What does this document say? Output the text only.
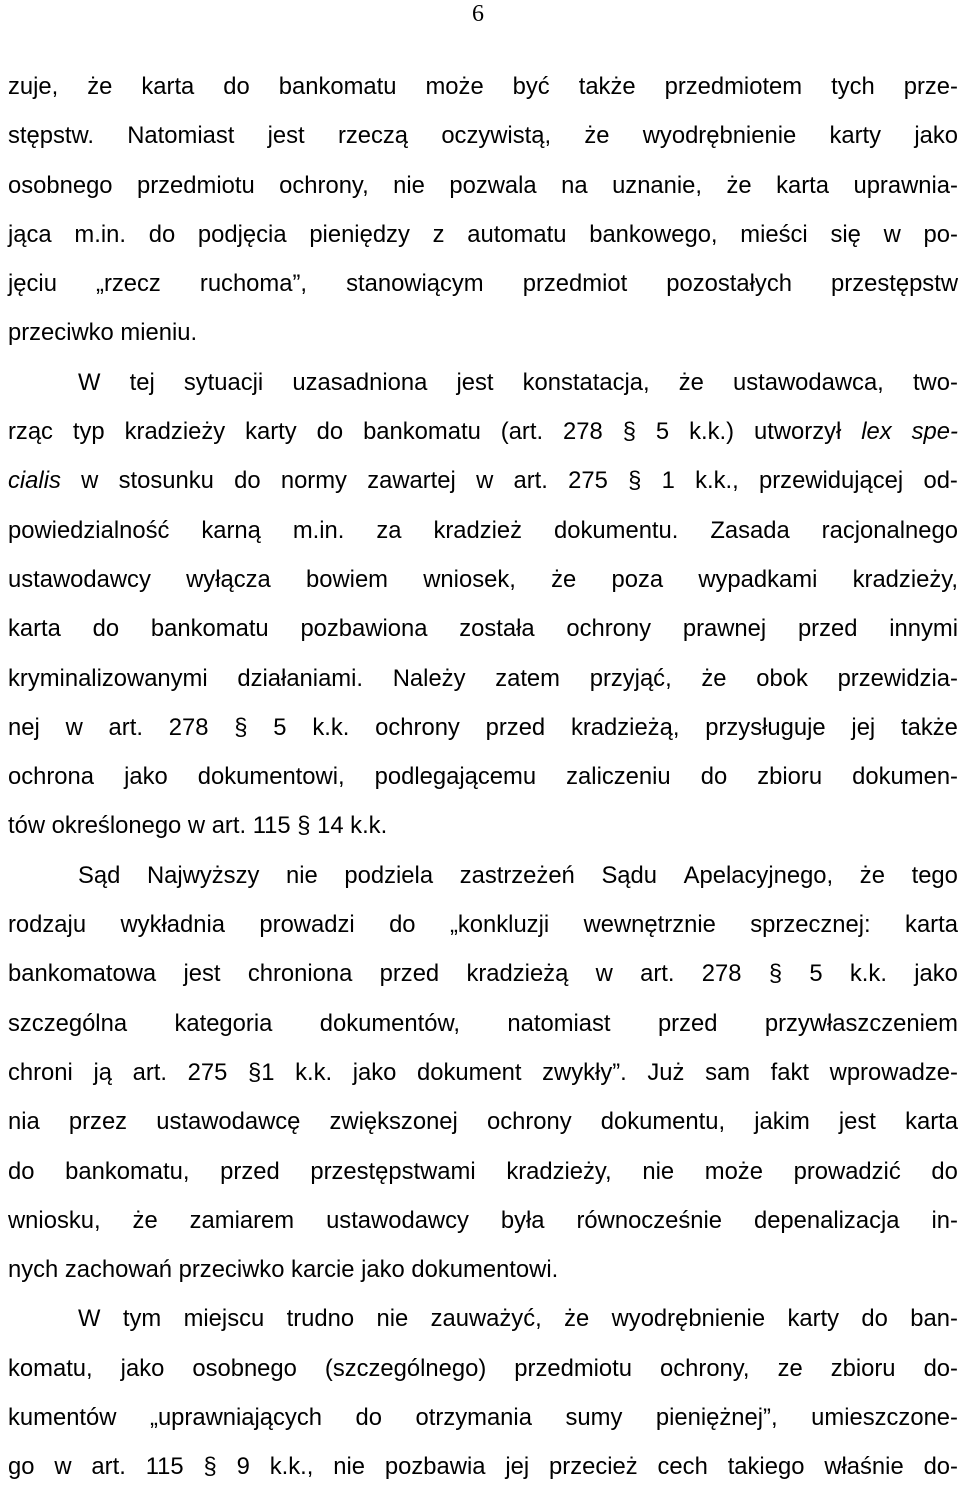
6
zuje, że karta do bankomatu może być także przedmiotem tych prze-
stępstw. Natomiast jest rzeczą oczywistą, że wyodrębnienie karty jako
osobnego przedmiotu ochrony, nie pozwala na uznanie, że karta uprawnia-
jąca m.in. do podjęcia pieniędzy z automatu bankowego, mieści się w po-
jęciu „rzecz ruchoma”, stanowiącym przedmiot pozostałych przestępstw
przeciwko mieniu.
W tej sytuacji uzasadniona jest konstatacja, że ustawodawca, two-
rząc typ kradzieży karty do bankomatu (art. 278 § 5 k.k.) utworzył lex spe-
cialis w stosunku do normy zawartej w art. 275 § 1 k.k., przewidującej od-
powiedzialność karną m.in. za kradzież dokumentu. Zasada racjonalnego
ustawodawcy wyłącza bowiem wniosek, że poza wypadkami kradzieży,
karta do bankomatu pozbawiona została ochrony prawnej przed innymi
kryminalizowanymi działaniami. Należy zatem przyjąć, że obok przewidzia-
nej w art. 278 § 5 k.k. ochrony przed kradzieżą, przysługuje jej także
ochrona jako dokumentowi, podlegającemu zaliczeniu do zbioru dokumen-
tów określonego w art. 115 § 14 k.k.
Sąd Najwyższy nie podziela zastrzeżeń Sądu Apelacyjnego, że tego
rodzaju wykładnia prowadzi do „konkluzji wewnętrznie sprzecznej: karta
bankomatowa jest chroniona przed kradzieżą w art. 278 § 5 k.k. jako
szczególna kategoria dokumentów, natomiast przed przywłaszczeniem
chroni ją art. 275 §1 k.k. jako dokument zwykły”. Już sam fakt wprowadze-
nia przez ustawodawcę zwiększonej ochrony dokumentu, jakim jest karta
do bankomatu, przed przestępstwami kradzieży, nie może prowadzić do
wniosku, że zamiarem ustawodawcy była równocześnie depenalizacja in-
nych zachowań przeciwko karcie jako dokumentowi.
W tym miejscu trudno nie zauważyć, że wyodrębnienie karty do ban-
komatu, jako osobnego (szczególnego) przedmiotu ochrony, ze zbioru do-
kumentów „uprawniających do otrzymania sumy pieniężnej”, umieszczone-
go w art. 115 § 9 k.k., nie pozbawia jej przecież cech takiego właśnie do-
